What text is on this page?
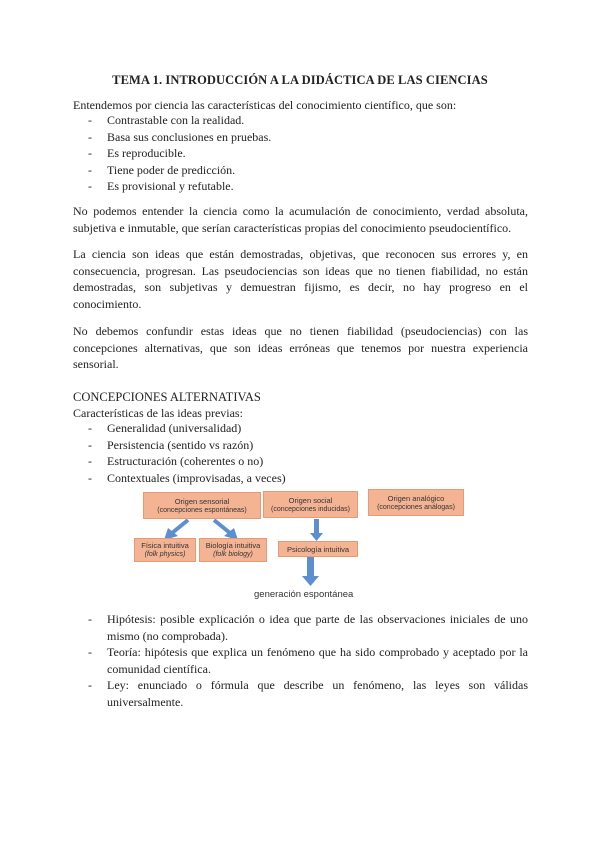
TEMA 1. INTRODUCCIÓN A LA DIDÁCTICA DE LAS CIENCIAS
Entendemos por ciencia las características del conocimiento científico, que son:
- Contrastable con la realidad.
- Basa sus conclusiones en pruebas.
- Es reproducible.
- Tiene poder de predicción.
- Es provisional y refutable.
No podemos entender la ciencia como la acumulación de conocimiento, verdad absoluta, subjetiva e inmutable, que serían características propias del conocimiento pseudocientífico.
La ciencia son ideas que están demostradas, objetivas, que reconocen sus errores y, en consecuencia, progresan. Las pseudociencias son ideas que no tienen fiabilidad, no están demostradas, son subjetivas y demuestran fijismo, es decir, no hay progreso en el conocimiento.
No debemos confundir estas ideas que no tienen fiabilidad (pseudociencias) con las concepciones alternativas, que son ideas erróneas que tenemos por nuestra experiencia sensorial.
CONCEPCIONES ALTERNATIVAS
Características de las ideas previas:
- Generalidad (universalidad)
- Persistencia (sentido vs razón)
- Estructuración (coherentes o no)
- Contextuales (improvisadas, a veces)
Origen sensorial
(concepciones espontáneas)
Origen social
(concepciones inducidas)
Origen analógico
(concepciones análogas)
Física intuitiva
(folk physics)
Biología intuitiva
(folk biology)
Psicología intuitiva
generación espontánea
- Hipótesis: posible explicación o idea que parte de las observaciones iniciales de uno mismo (no comprobada).
- Teoría: hipótesis que explica un fenómeno que ha sido comprobado y aceptado por la comunidad científica.
- Ley: enunciado o fórmula que describe un fenómeno, las leyes son válidas universalmente.
